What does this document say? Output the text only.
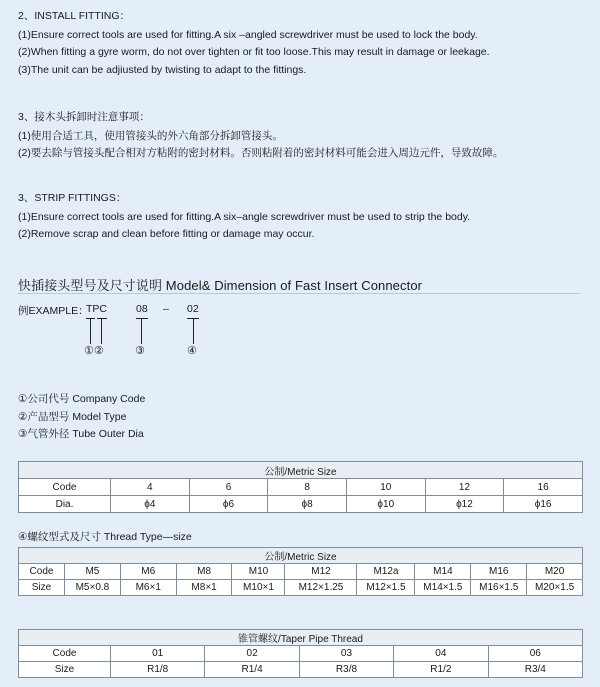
2、INSTALL FITTING：
(1)Ensure correct tools are used for fitting.A six –angled screwdriver must be used to lock the body.
(2)When fitting a gyre worm, do not over tighten or fit too loose.This may result in damage or leekage.
(3)The unit can be adjiusted by twisting to adapt to the fittings.
3、接木头拆卸时注意事项：
(1)使用合适工具，使用管接头的外六角部分拆卸管接头。
(2)要去除与管接头配合相对方粘附的密封材料。否则粘附着的密封材料可能会进入周边元件，导致故障。
3、STRIP FITTINGS：
(1)Ensure correct tools are used for fitting.A six–angle screwdriver must be used to strip the body.
(2)Remove scrap and clean before fitting or damage may occur.
快插接头型号及尺寸说明 Model& Dimension of Fast Insert Connector
例EXAMPLE：
TPC	08 – 02
①②	③	④
①公司代号 Company Code
②产品型号 Model Type
③气管外径 Tube Outer Dia
公制/Metric Size						
Code	4	6	8	10	12	16
Dia.	ϕ4	ϕ6	ϕ8	ϕ10	ϕ12	ϕ16
④螺纹型式及尺寸 Thread Type—size
公制/Metric Size									
Code	M5	M6	M8	M10	M12	M12a	M14	M16	M20
Size	M5×0.8	M6×1	M8×1	M10×1	M12×1.25	M12×1.5	M14×1.5	M16×1.5	M20×1.5
锥管螺纹/Taper Pipe Thread					
Code	01	02	03	04	06
Size	R1/8	R1/4	R3/8	R1/2	R3/4
